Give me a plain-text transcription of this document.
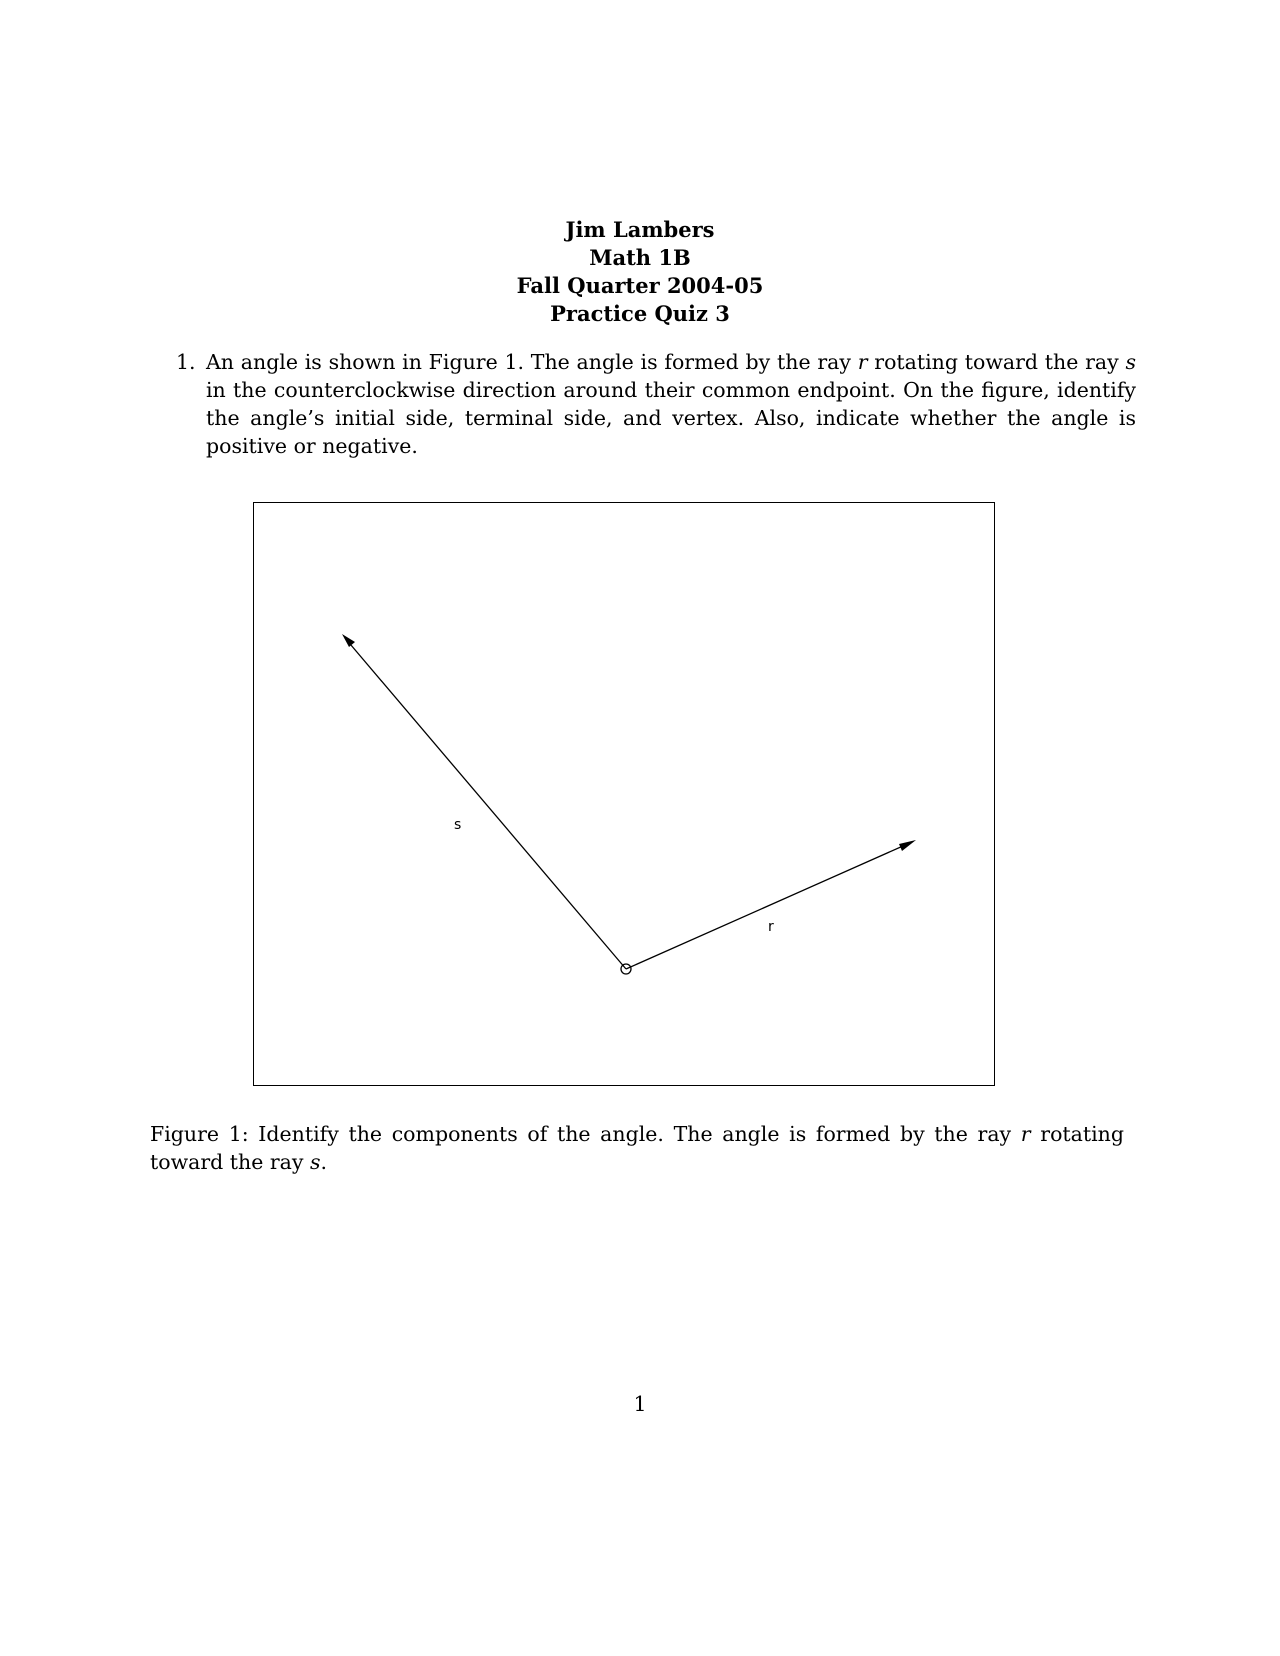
Jim Lambers
Math 1B
Fall Quarter 2004-05
Practice Quiz 3
1. An angle is shown in Figure 1. The angle is formed by the ray r rotating toward the ray s in the counterclockwise direction around their common endpoint. On the figure, identify the angle’s initial side, terminal side, and vertex. Also, indicate whether the angle is positive or negative.
s
r
Figure 1: Identify the components of the angle. The angle is formed by the ray r rotating toward the ray s.
1
